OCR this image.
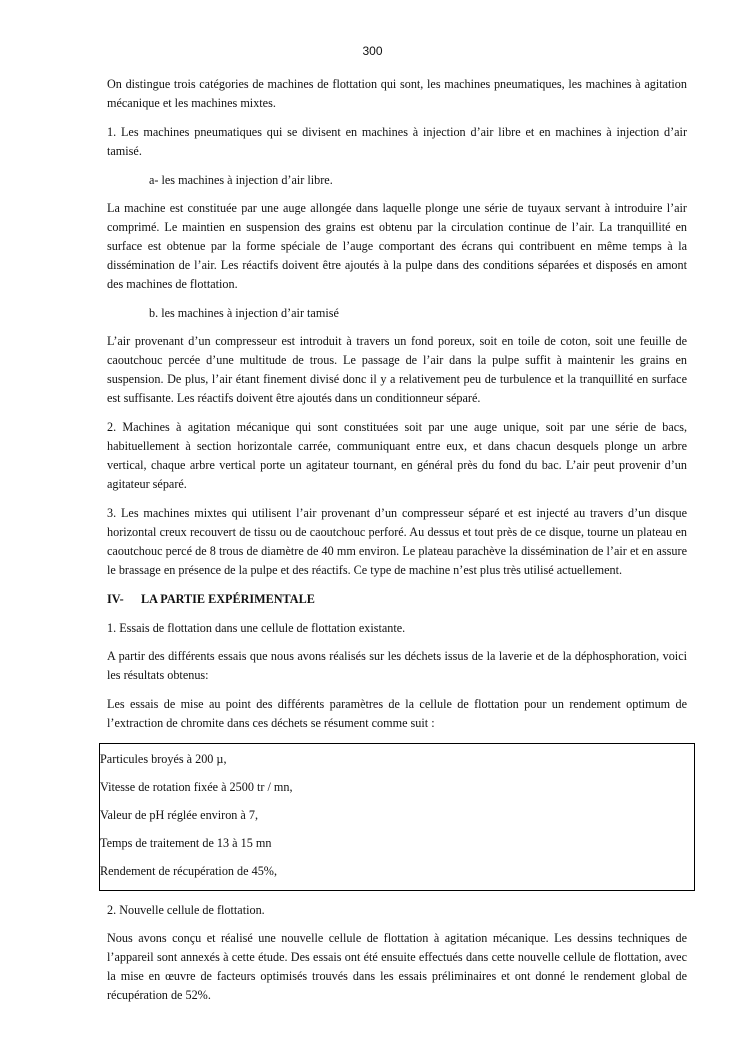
300

On distingue trois catégories de machines de flottation qui sont, les machines pneumatiques, les machines à agitation mécanique et les machines mixtes.

1. Les machines pneumatiques qui se divisent en machines à injection d’air libre et en machines à injection d’air tamisé.

a- les machines à injection d’air libre.

La machine est constituée par une auge allongée dans laquelle plonge une série de tuyaux servant à introduire l’air comprimé. Le maintien en suspension des grains est obtenu par la circulation continue de l’air. La tranquillité en surface est obtenue par la forme spéciale de l’auge comportant des écrans qui contribuent en même temps à la dissémination de l’air. Les réactifs doivent être ajoutés à la pulpe dans des conditions séparées et disposés en amont des machines de flottation.

b. les machines à injection d’air tamisé

L’air provenant d’un compresseur est introduit à travers un fond poreux, soit en toile de coton, soit une feuille de caoutchouc percée d’une multitude de trous. Le passage de l’air dans la pulpe suffit à maintenir les grains en suspension. De plus, l’air étant finement divisé donc il y a relativement peu de turbulence et la tranquillité en surface est suffisante. Les réactifs doivent être ajoutés dans un conditionneur séparé.

2. Machines à agitation mécanique qui sont constituées soit par une auge unique, soit par une série de bacs, habituellement à section horizontale carrée, communiquant entre eux, et dans chacun desquels plonge un arbre vertical, chaque arbre vertical porte un agitateur tournant, en général près du fond du bac. L’air peut provenir d’un agitateur séparé.

3. Les machines mixtes qui utilisent l’air provenant d’un compresseur séparé et est injecté au travers d’un disque horizontal creux recouvert de tissu ou de caoutchouc perforé. Au dessus et tout près de ce disque, tourne un plateau en caoutchouc percé de 8 trous de diamètre de 40 mm environ. Le plateau parachève la dissémination de l’air et en assure le brassage en présence de la pulpe et des réactifs. Ce type de machine n’est plus très utilisé actuellement.

IV-	LA PARTIE EXPÉRIMENTALE

1. Essais de flottation dans une cellule de flottation existante.

A partir des différents essais que nous avons réalisés sur les déchets issus de la laverie et de la déphosphoration, voici les résultats obtenus:

Les essais de mise au point des différents paramètres de la cellule de flottation pour un rendement optimum de l’extraction de chromite dans ces déchets se résument comme suit :

Particules broyés à 200 µ,

Vitesse de rotation fixée à 2500 tr / mn,

Valeur de pH réglée environ à 7,

Temps de traitement de 13 à 15 mn

Rendement de récupération de 45%,

2. Nouvelle cellule de flottation.

Nous avons conçu et réalisé une nouvelle cellule de flottation à agitation mécanique. Les dessins techniques de l’appareil sont annexés à cette étude. Des essais ont été ensuite effectués dans cette nouvelle cellule de flottation, avec la mise en œuvre de facteurs optimisés trouvés dans les essais préliminaires et ont donné le rendement global de récupération de 52%.
